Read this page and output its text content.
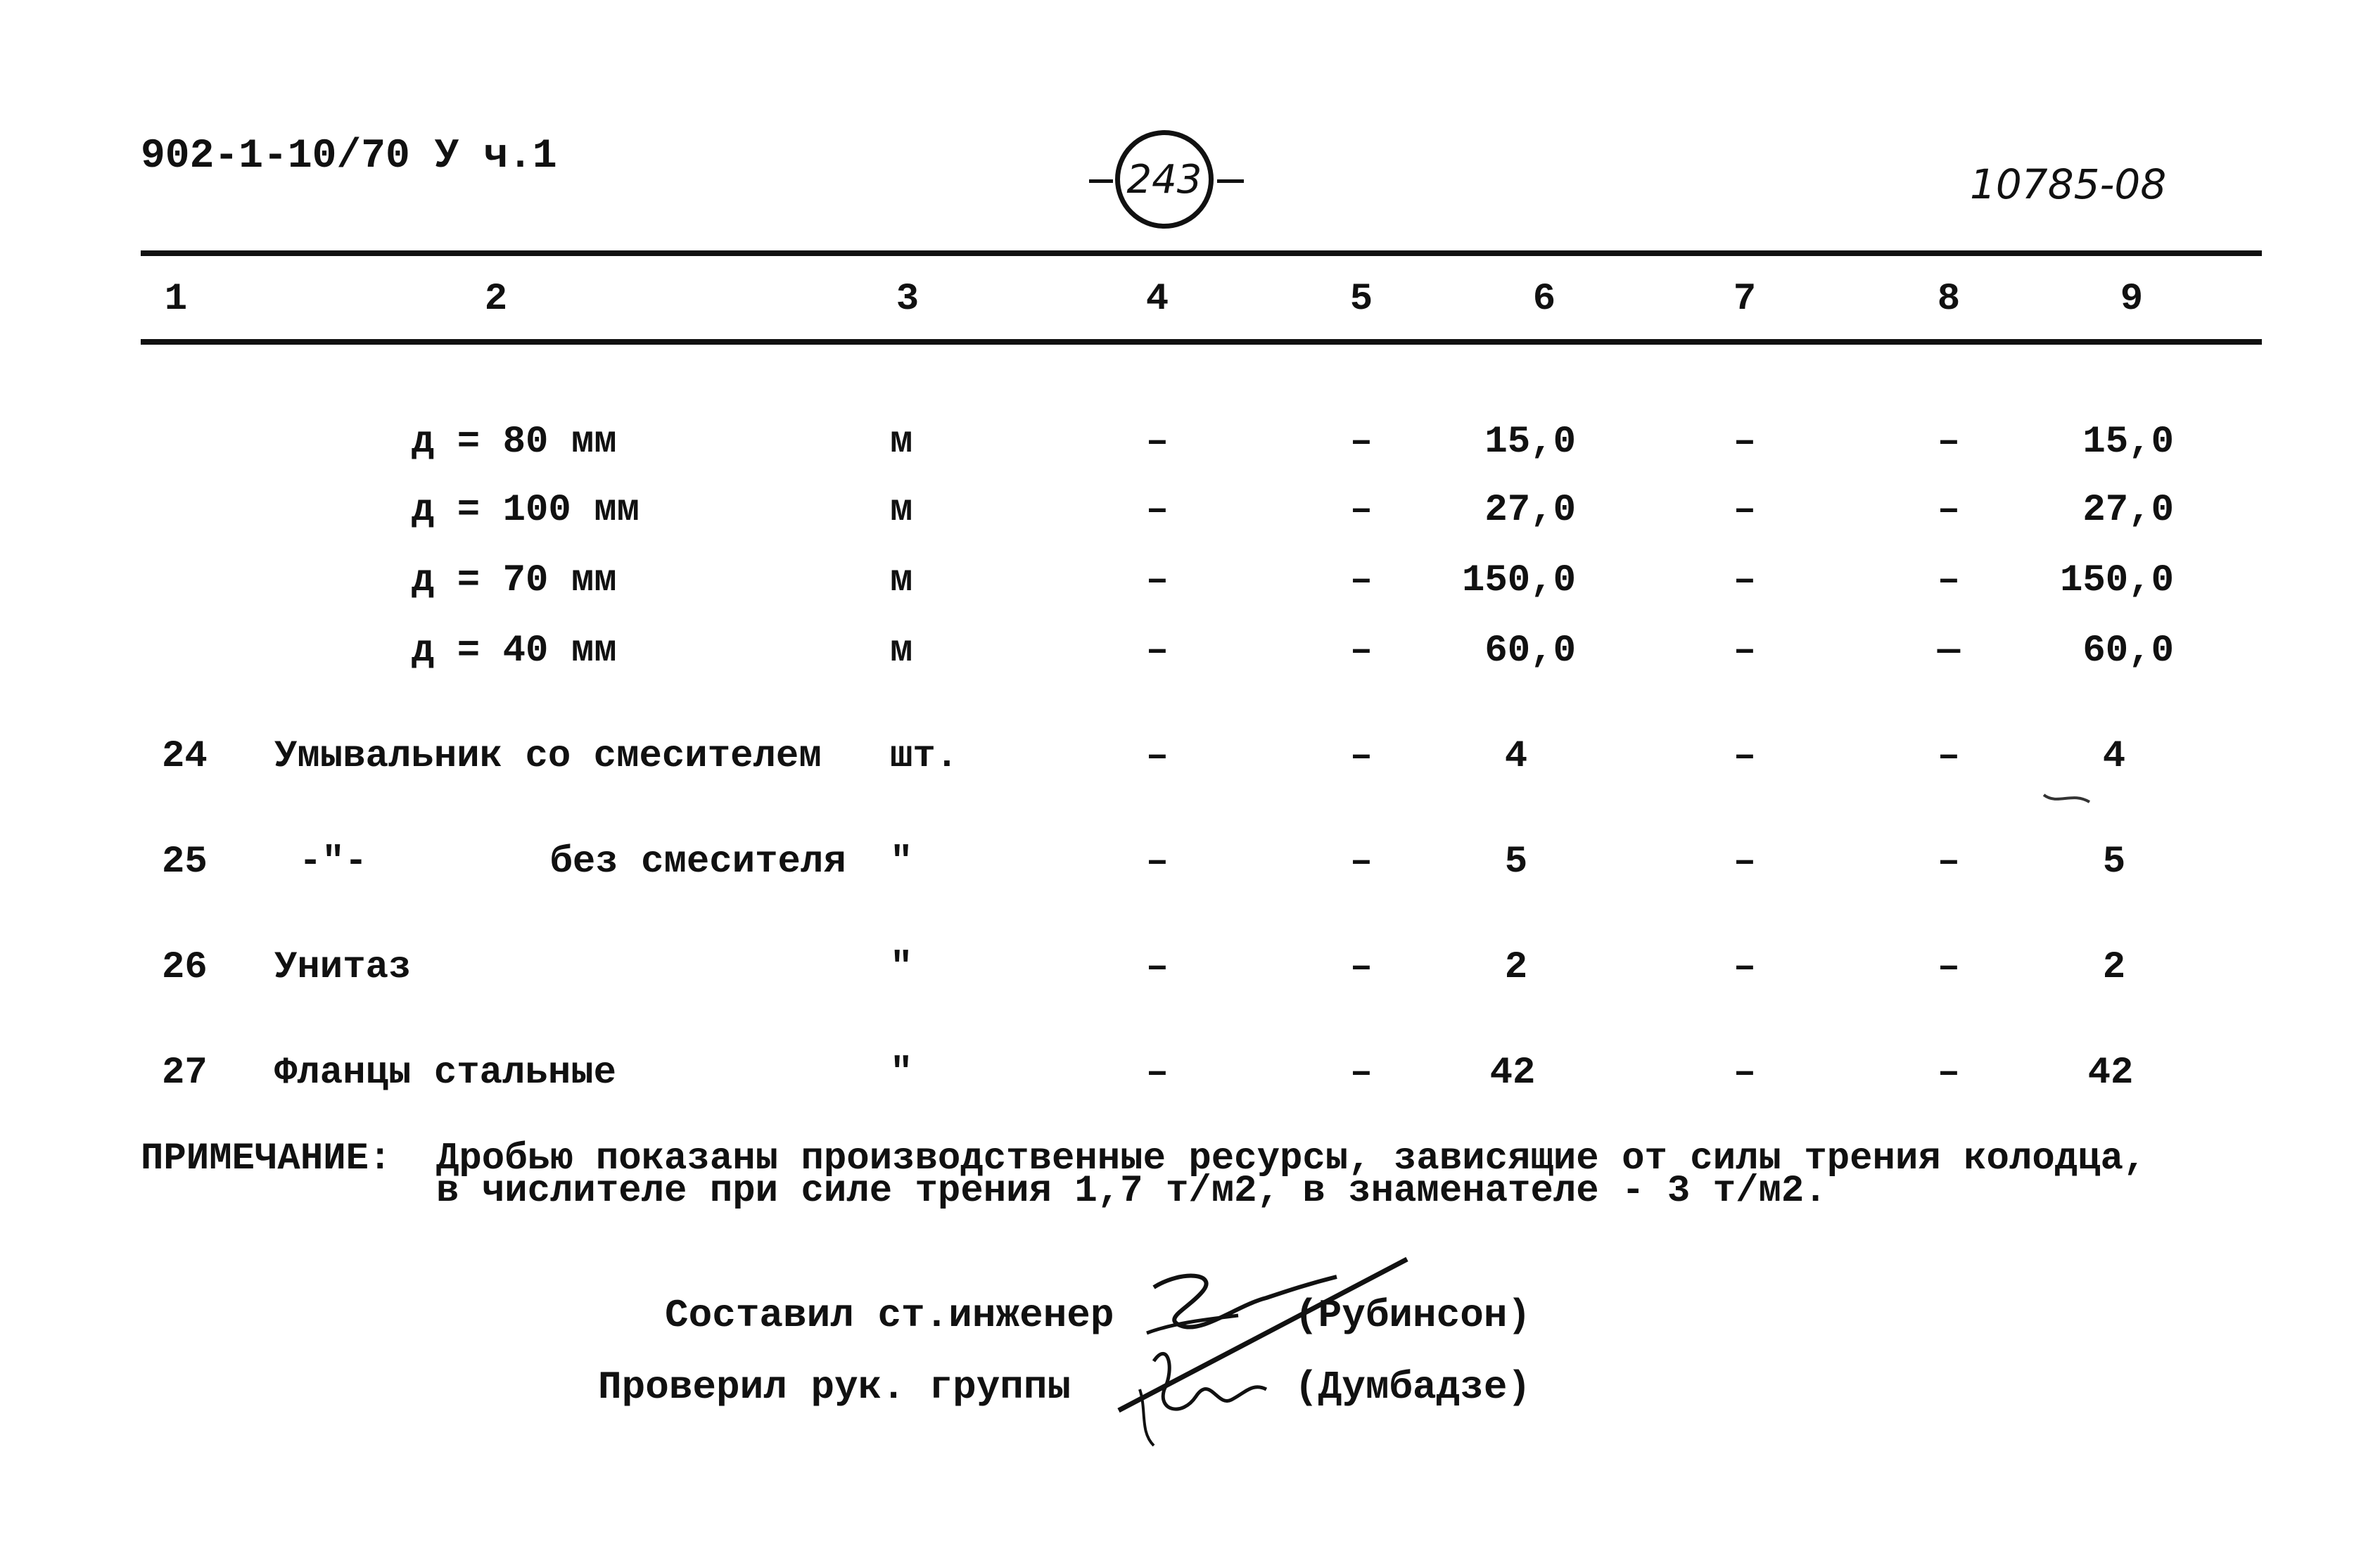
902-1-10/70 У ч.1	243	10785-08
1	2	3	4	5	6	7	8	9
д = 80 мм	м	–	–	15,0	–	–	15,0
д = 100 мм	м	–	–	27,0	–	–	27,0
д = 70 мм	м	–	–	150,0	–	–	150,0
д = 40 мм	м	–	–	60,0	–	—	60,0
24 Умывальник со смесителем шт.	–	–	4	–	–	4
25 -"-        без смесителя "	–	–	5	–	–	5
26 Унитаз	"	–	–	2	–	–	2
27 Фланцы стальные	"	–	–	42	–	–	42
ПРИМЕЧАНИЕ: Дробью показаны производственные ресурсы, зависящие от силы трения колодца,
в числителе при силе трения 1,7 т/м2, в знаменателе - 3 т/м2.
Составил ст.инженер	(Рубинсон)
Проверил рук. группы	(Думбадзе)
